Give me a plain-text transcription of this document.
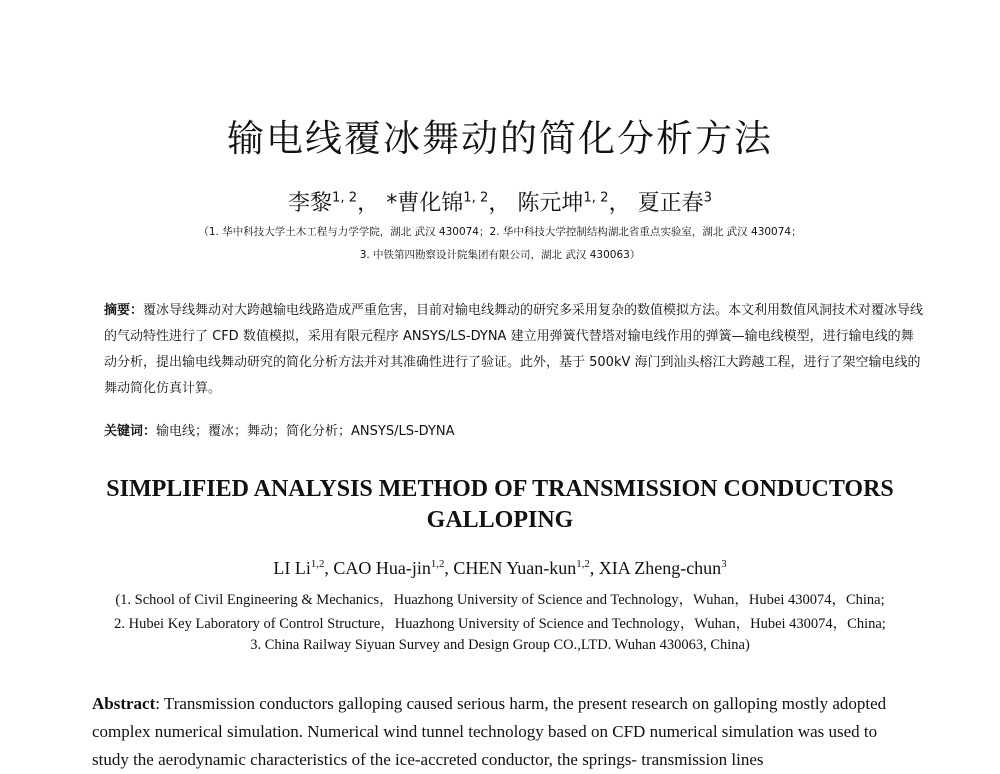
输电线覆冰舞动的简化分析方法
李黎$^{1, 2}$， *曹化锦$^{1, 2}$， 陈元坤$^{1, 2}$， 夏正春$^3$
（1. 华中科技大学土木工程与力学学院，湖北 武汉 430074；2. 华中科技大学控制结构湖北省重点实验室，湖北 武汉 430074；
3. 中铁第四勘察设计院集团有限公司，湖北 武汉 430063）
摘要：覆冰导线舞动对大跨越输电线路造成严重危害，目前对输电线舞动的研究多采用复杂的数值模拟方法。本文利用数值风洞技术对覆冰导线的气动特性进行了 CFD 数值模拟，采用有限元程序 ANSYS/LS-DYNA 建立用弹簧代替塔对输电线作用的弹簧—输电线模型，进行输电线的舞动分析，提出输电线舞动研究的简化分析方法并对其准确性进行了验证。此外，基于 500kV 海门到汕头榕江大跨越工程，进行了架空输电线的舞动简化仿真计算。
关键词：输电线；覆冰；舞动；简化分析；ANSYS/LS-DYNA
SIMPLIFIED ANALYSIS METHOD OF TRANSMISSION CONDUCTORS GALLOPING
LI Li$^{1,2}$, CAO Hua-jin$^{1,2}$, CHEN Yuan-kun$^{1,2}$, XIA Zheng-chun$^3$
(1. School of Civil Engineering & Mechanics，Huazhong University of Science and Technology，Wuhan，Hubei 430074，China;
2. Hubei Key Laboratory of Control Structure，Huazhong University of Science and Technology，Wuhan，Hubei 430074，China;
3. China Railway Siyuan Survey and Design Group CO.,LTD. Wuhan 430063, China)
Abstract: Transmission conductors galloping caused serious harm, the present research on galloping mostly adopted complex numerical simulation. Numerical wind tunnel technology based on CFD numerical simulation was used to study the aerodynamic characteristics of the ice-accreted conductor, the springs- transmission lines
